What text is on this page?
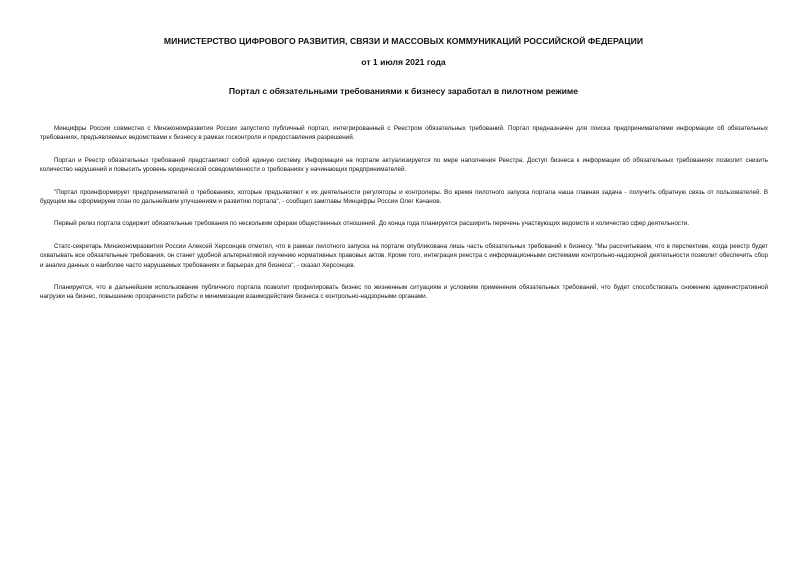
МИНИСТЕРСТВО ЦИФРОВОГО РАЗВИТИЯ, СВЯЗИ И МАССОВЫХ КОММУНИКАЦИЙ РОССИЙСКОЙ ФЕДЕРАЦИИ
от 1 июля 2021 года
Портал с обязательными требованиями к бизнесу заработал в пилотном режиме

Минцифры России совместно с Минэкономразвития России запустило публичный портал, интегрированный с Реестром обязательных требований. Портал предназначен для поиска предпринимателями информации об обязательных требованиях, предъявляемых ведомствами к бизнесу в рамках госконтроля и предоставления разрешений.

Портал и Реестр обязательных требований представляют собой единую систему. Информация на портале актуализируется по мере наполнения Реестра. Доступ бизнеса к информации об обязательных требованиях позволит снизить количество нарушений и повысить уровень юридической осведомленности о требованиях у начинающих предпринимателей.

"Портал проинформирует предпринимателей о требованиях, которые предъявляют к их деятельности регуляторы и контролеры. Во время пилотного запуска портала наша главная задача - получить обратную связь от пользователей. В будущем мы сформируем план по дальнейшим улучшениям и развитию портала", - сообщил замглавы Минцифры России Олег Качанов.

Первый релиз портала содержит обязательные требования по нескольким сферам общественных отношений. До конца года планируется расширить перечень участвующих ведомств и количество сфер деятельности.

Статс-секретарь Минэкономразвития России Алексей Херсонцев отметил, что в рамках пилотного запуска на портале опубликована лишь часть обязательных требований к бизнесу. "Мы рассчитываем, что в перспективе, когда реестр будет охватывать все обязательные требования, он станет удобной альтернативой изучению нормативных правовых актов. Кроме того, интеграция реестра с информационными системами контрольно-надзорной деятельности позволит обеспечить сбор и анализ данных о наиболее часто нарушаемых требованиях и барьерах для бизнеса", - сказал Херсонцев.

Планируется, что в дальнейшем использование публичного портала позволит профилировать бизнес по жизненным ситуациям и условиям применения обязательных требований, что будет способствовать снижению административной нагрузки на бизнес, повышению прозрачности работы и минимизации взаимодействия бизнеса с контрольно-надзорными органами.
